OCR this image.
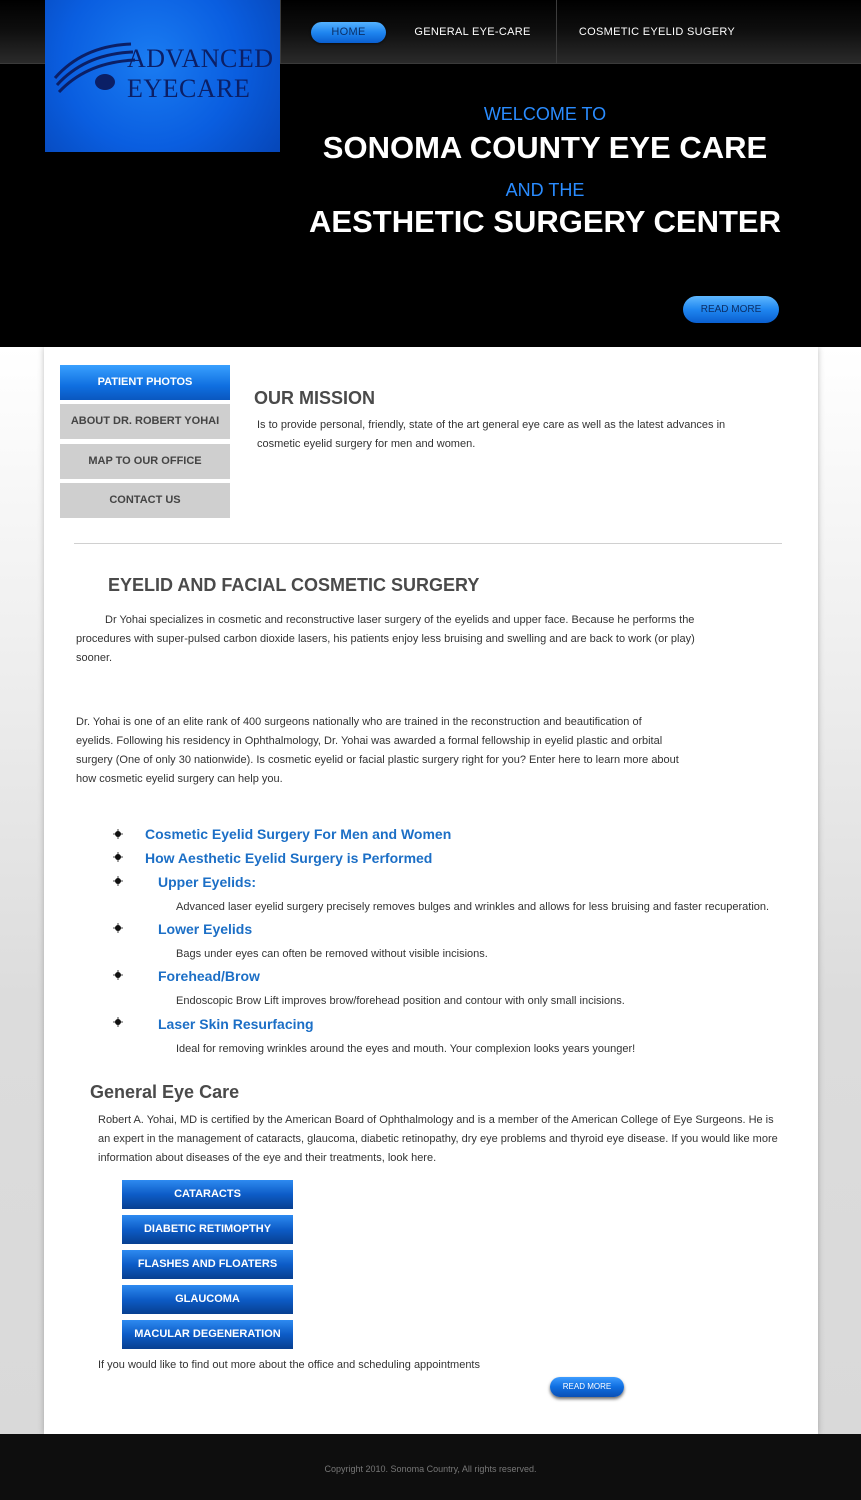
HOME	GENERAL EYE-CARE	COSMETIC EYELID SUGERY
ADVANCED
EYECARE
WELCOME TO
SONOMA COUNTY EYE CARE
AND THE
AESTHETIC SURGERY CENTER
READ MORE
PATIENT PHOTOS
ABOUT DR. ROBERT YOHAI
MAP TO OUR OFFICE
CONTACT US
OUR MISSION
Is to provide personal, friendly, state of the art general eye care as well as the latest advances in cosmetic eyelid surgery for men and women.
EYELID AND FACIAL COSMETIC SURGERY
Dr Yohai specializes in cosmetic and reconstructive laser surgery of the eyelids and upper face. Because he performs the procedures with super-pulsed carbon dioxide lasers, his patients enjoy less bruising and swelling and are back to work (or play) sooner.
Dr. Yohai is one of an elite rank of 400 surgeons nationally who are trained in the reconstruction and beautification of eyelids. Following his residency in Ophthalmology, Dr. Yohai was awarded a formal fellowship in eyelid plastic and orbital surgery (One of only 30 nationwide). Is cosmetic eyelid or facial plastic surgery right for you? Enter here to learn more about how cosmetic eyelid surgery can help you.
Cosmetic Eyelid Surgery For Men and Women
How Aesthetic Eyelid Surgery is Performed
Upper Eyelids:
Advanced laser eyelid surgery precisely removes bulges and wrinkles and allows for less bruising and faster recuperation.
Lower Eyelids
Bags under eyes can often be removed without visible incisions.
Forehead/Brow
Endoscopic Brow Lift improves brow/forehead position and contour with only small incisions.
Laser Skin Resurfacing
Ideal for removing wrinkles around the eyes and mouth. Your complexion looks years younger!
General Eye Care
Robert A. Yohai, MD is certified by the American Board of Ophthalmology and is a member of the American College of Eye Surgeons. He is an expert in the management of cataracts, glaucoma, diabetic retinopathy, dry eye problems and thyroid eye disease. If you would like more information about diseases of the eye and their treatments, look here.
CATARACTS
DIABETIC RETIMOPTHY
FLASHES AND FLOATERS
GLAUCOMA
MACULAR DEGENERATION
If you would like to find out more about the office and scheduling appointments
READ MORE
Copyright 2010. Sonoma Country, All rights reserved.
